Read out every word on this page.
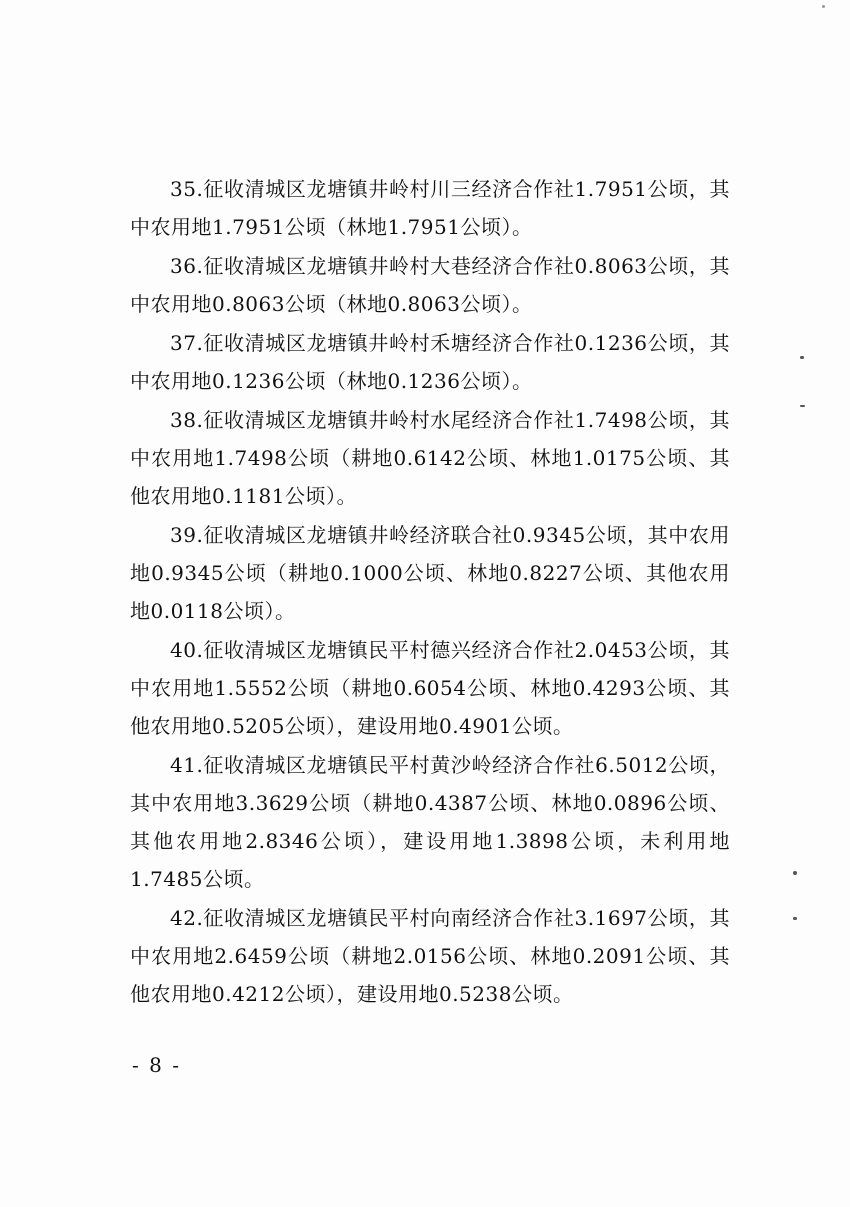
35.征收清城区龙塘镇井岭村川三经济合作社1.7951公顷，其中农用地1.7951公顷（林地1.7951公顷）。

36.征收清城区龙塘镇井岭村大巷经济合作社0.8063公顷，其中农用地0.8063公顷（林地0.8063公顷）。

37.征收清城区龙塘镇井岭村禾塘经济合作社0.1236公顷，其中农用地0.1236公顷（林地0.1236公顷）。

38.征收清城区龙塘镇井岭村水尾经济合作社1.7498公顷，其中农用地1.7498公顷（耕地0.6142公顷、林地1.0175公顷、其他农用地0.1181公顷）。

39.征收清城区龙塘镇井岭经济联合社0.9345公顷，其中农用地0.9345公顷（耕地0.1000公顷、林地0.8227公顷、其他农用地0.0118公顷）。

40.征收清城区龙塘镇民平村德兴经济合作社2.0453公顷，其中农用地1.5552公顷（耕地0.6054公顷、林地0.4293公顷、其他农用地0.5205公顷），建设用地0.4901公顷。

41.征收清城区龙塘镇民平村黄沙岭经济合作社6.5012公顷，其中农用地3.3629公顷（耕地0.4387公顷、林地0.0896公顷、其他农用地2.8346公顷），建设用地1.3898公顷，未利用地1.7485公顷。

42.征收清城区龙塘镇民平村向南经济合作社3.1697公顷，其中农用地2.6459公顷（耕地2.0156公顷、林地0.2091公顷、其他农用地0.4212公顷），建设用地0.5238公顷。

- 8 -
